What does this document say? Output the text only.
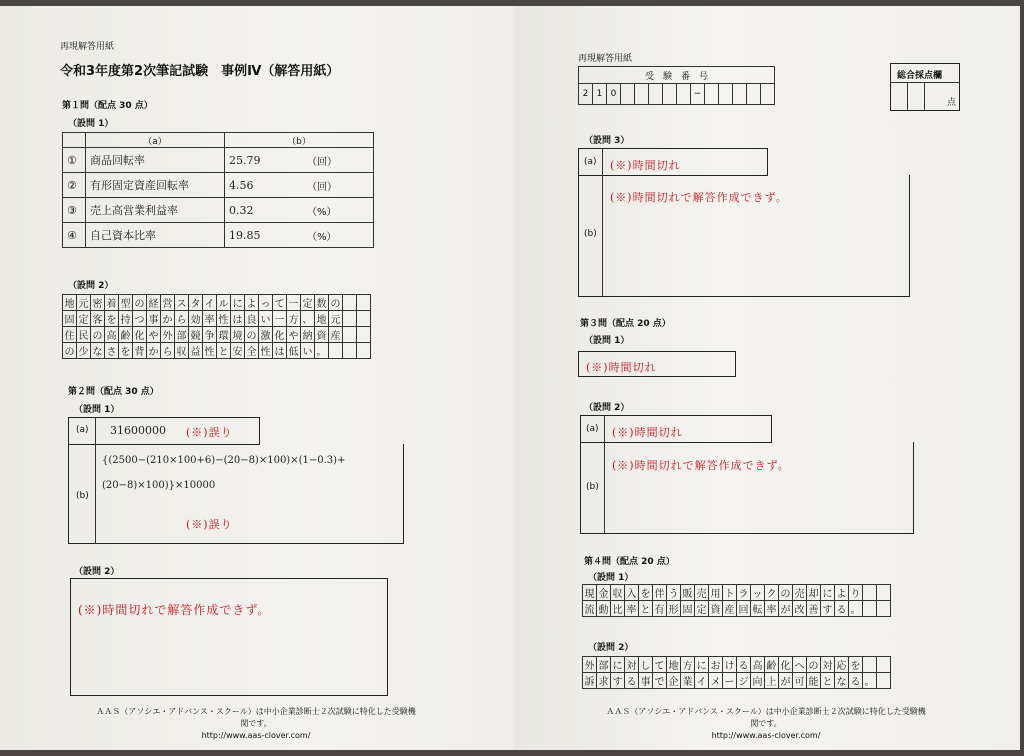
再現解答用紙
令和3年度第2次筆記試験　事例Ⅳ（解答用紙）
第１問（配点 30 点）
（設問 1）
	（a）	（b）	
①	商品回転率	25.79	（回）
②	有形固定資産回転率	4.56	（回）
③	売上高営業利益率	0.32	（%）
④	自己資本比率	19.85	（%）
（設問 2）
地	元	密	着	型	の	経	営	ス	タ	イ	ル	に	よ	っ	て	一	定	数	の		
固	定	客	を	持	つ	事	か	ら	効	率	性	は	良	い	一	方	、	地	元		
住	民	の	高	齢	化	や	外	部	競	争	環	境	の	激	化	や	納	資	産		
の	少	な	さ	を	背	か	ら	収	益	性	と	安	全	性	は	低	い	。			
第２問（配点 30 点）
（設問 1）
(a) 31600000 (※)誤り
(b)
{(2500−(210×100+6)−(20−8)×100)×(1−0.3)+
(20−8)×100)}×10000
(※)誤り
（設問 2）
(※)時間切れで解答作成できず。
ＡＡＳ（アソシエ・アドバンス・スクール）は中小企業診断士２次試験に特化した受験機関です。
http://www.aas-clover.com/
再現解答用紙
受　験　番　号
2	1	0						−					
総合採点欄
点
（設問 3）
(a) (※)時間切れ
(b)
(※)時間切れで解答作成できず。
第３問（配点 20 点）
（設問 1）
(※)時間切れ
（設問 2）
(a) (※)時間切れ
(b)
(※)時間切れで解答作成できず。
第４問（配点 20 点）
（設問 1）
現	金	収	入	を	伴	う	販	売	用	ト	ラ	ッ	ク	の	売	却	に	よ	り		
流	動	比	率	と	有	形	固	定	資	産	回	転	率	が	改	善	す	る	。		
（設問 2）
外	部	に	対	し	て	地	方	に	お	け	る	高	齢	化	へ	の	対	応	を		
訴	求	す	る	事	で	企	業	イ	メ	ー	ジ	向	上	が	可	能	と	な	る	。	
ＡＡＳ（アソシエ・アドバンス・スクール）は中小企業診断士２次試験に特化した受験機関です。
http://www.aas-clover.com/
